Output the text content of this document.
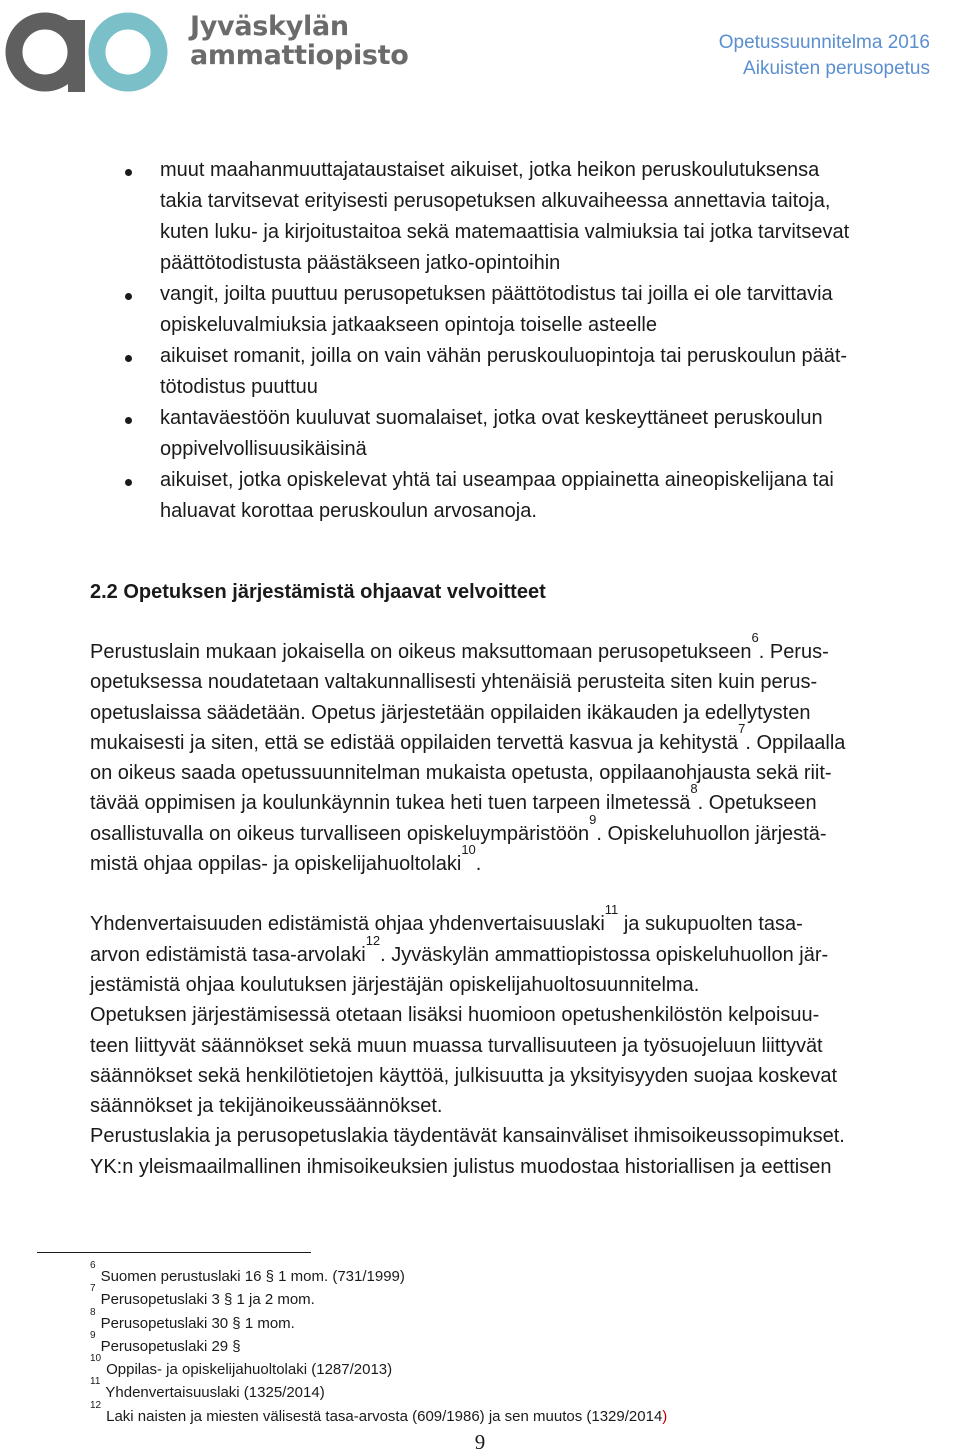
Jyväskylän
ammattiopisto	Opetussuunnitelma 2016
Aikuisten perusopetus
muut maahanmuuttajataustaiset aikuiset, jotka heikon peruskoulutuksensa
takia tarvitsevat erityisesti perusopetuksen alkuvaiheessa annettavia taitoja,
kuten luku- ja kirjoitustaitoa sekä matemaattisia valmiuksia tai jotka tarvitsevat
päättötodistusta päästäkseen jatko-opintoihin
vangit, joilta puuttuu perusopetuksen päättötodistus tai joilla ei ole tarvittavia
opiskeluvalmiuksia jatkaakseen opintoja toiselle asteelle
aikuiset romanit, joilla on vain vähän peruskouluopintoja tai peruskoulun päät-
tötodistus puuttuu
kantaväestöön kuuluvat suomalaiset, jotka ovat keskeyttäneet peruskoulun
oppivelvollisuusikäisinä
aikuiset, jotka opiskelevat yhtä tai useampaa oppiainetta aineopiskelijana tai
haluavat korottaa peruskoulun arvosanoja.
2.2 Opetuksen järjestämistä ohjaavat velvoitteet

Perustuslain mukaan jokaisella on oikeus maksuttomaan perusopetukseen$^6$. Perus-

opetuksessa noudatetaan valtakunnallisesti yhtenäisiä perusteita siten kuin perus-

opetuslaissa säädetään. Opetus järjestetään oppilaiden ikäkauden ja edellytysten

mukaisesti ja siten, että se edistää oppilaiden tervettä kasvua ja kehitystä$^7$. Oppilaalla

on oikeus saada opetussuunnitelman mukaista opetusta, oppilaanohjausta sekä riit-

tävää oppimisen ja koulunkäynnin tukea heti tuen tarpeen ilmetessä$^8$. Opetukseen

osallistuvalla on oikeus turvalliseen opiskeluympäristöön$^9$. Opiskeluhuollon järjestä-

mistä ohjaa oppilas- ja opiskelijahuoltolaki$^{10}$.

Yhdenvertaisuuden edistämistä ohjaa yhdenvertaisuuslaki$^{11}$ ja sukupuolten tasa-

arvon edistämistä tasa-arvolaki$^{12}$. Jyväskylän ammattiopistossa opiskeluhuollon jär-

jestämistä ohjaa koulutuksen järjestäjän opiskelijahuoltosuunnitelma.

Opetuksen järjestämisessä otetaan lisäksi huomioon opetushenkilöstön kelpoisuu-

teen liittyvät säännökset sekä muun muassa turvallisuuteen ja työsuojeluun liittyvät

säännökset sekä henkilötietojen käyttöä, julkisuutta ja yksityisyyden suojaa koskevat

säännökset ja tekijänoikeussäännökset.

Perustuslakia ja perusopetuslakia täydentävät kansainväliset ihmisoikeussopimukset.

YK:n yleismaailmallinen ihmisoikeuksien julistus muodostaa historiallisen ja eettisen

$^6$Suomen perustuslaki 16 § 1 mom. (731/1999)
$^7$Perusopetuslaki 3 § 1 ja 2 mom.
$^8$Perusopetuslaki 30 § 1 mom.
$^9$Perusopetuslaki 29 §
$^{10}$Oppilas- ja opiskelijahuoltolaki (1287/2013)
$^{11}$Yhdenvertaisuuslaki (1325/2014)
$^{12}$Laki naisten ja miesten välisestä tasa-arvosta (609/1986) ja sen muutos (1329/2014)
9
